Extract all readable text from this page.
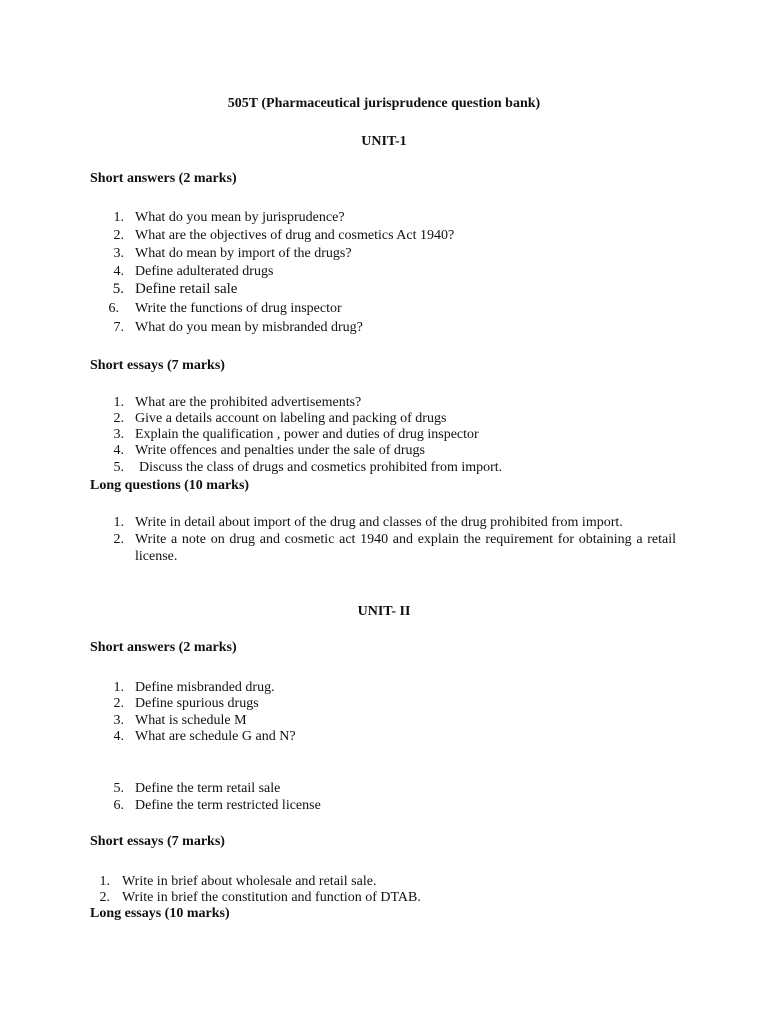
505T (Pharmaceutical jurisprudence question bank)
UNIT-1
Short answers (2 marks)
1. What do you mean by jurisprudence?
2. What are the objectives of drug and cosmetics Act 1940?
3. What do mean by import of the drugs?
4. Define adulterated drugs
5. Define retail sale
6. Write the functions of drug inspector
7. What do you mean by misbranded drug?
Short essays (7 marks)
1. What are the prohibited advertisements?
2. Give a details account on labeling and packing of drugs
3. Explain the qualification , power and duties of drug inspector
4. Write offences and penalties under the sale of drugs
5. Discuss the class of drugs and cosmetics prohibited from import.
Long questions (10 marks)
1. Write in detail about import of the drug and classes of the drug prohibited from import.
2. Write a note on drug and cosmetic act 1940 and explain the requirement for obtaining a retail license.
UNIT- II
Short answers (2 marks)
1. Define misbranded drug.
2. Define spurious drugs
3. What is schedule M
4. What are schedule G and N?
5. Define the term retail sale
6. Define the term restricted license
Short essays (7 marks)
1. Write in brief about wholesale and retail sale.
2. Write in brief the constitution and function of DTAB.
Long essays (10 marks)
